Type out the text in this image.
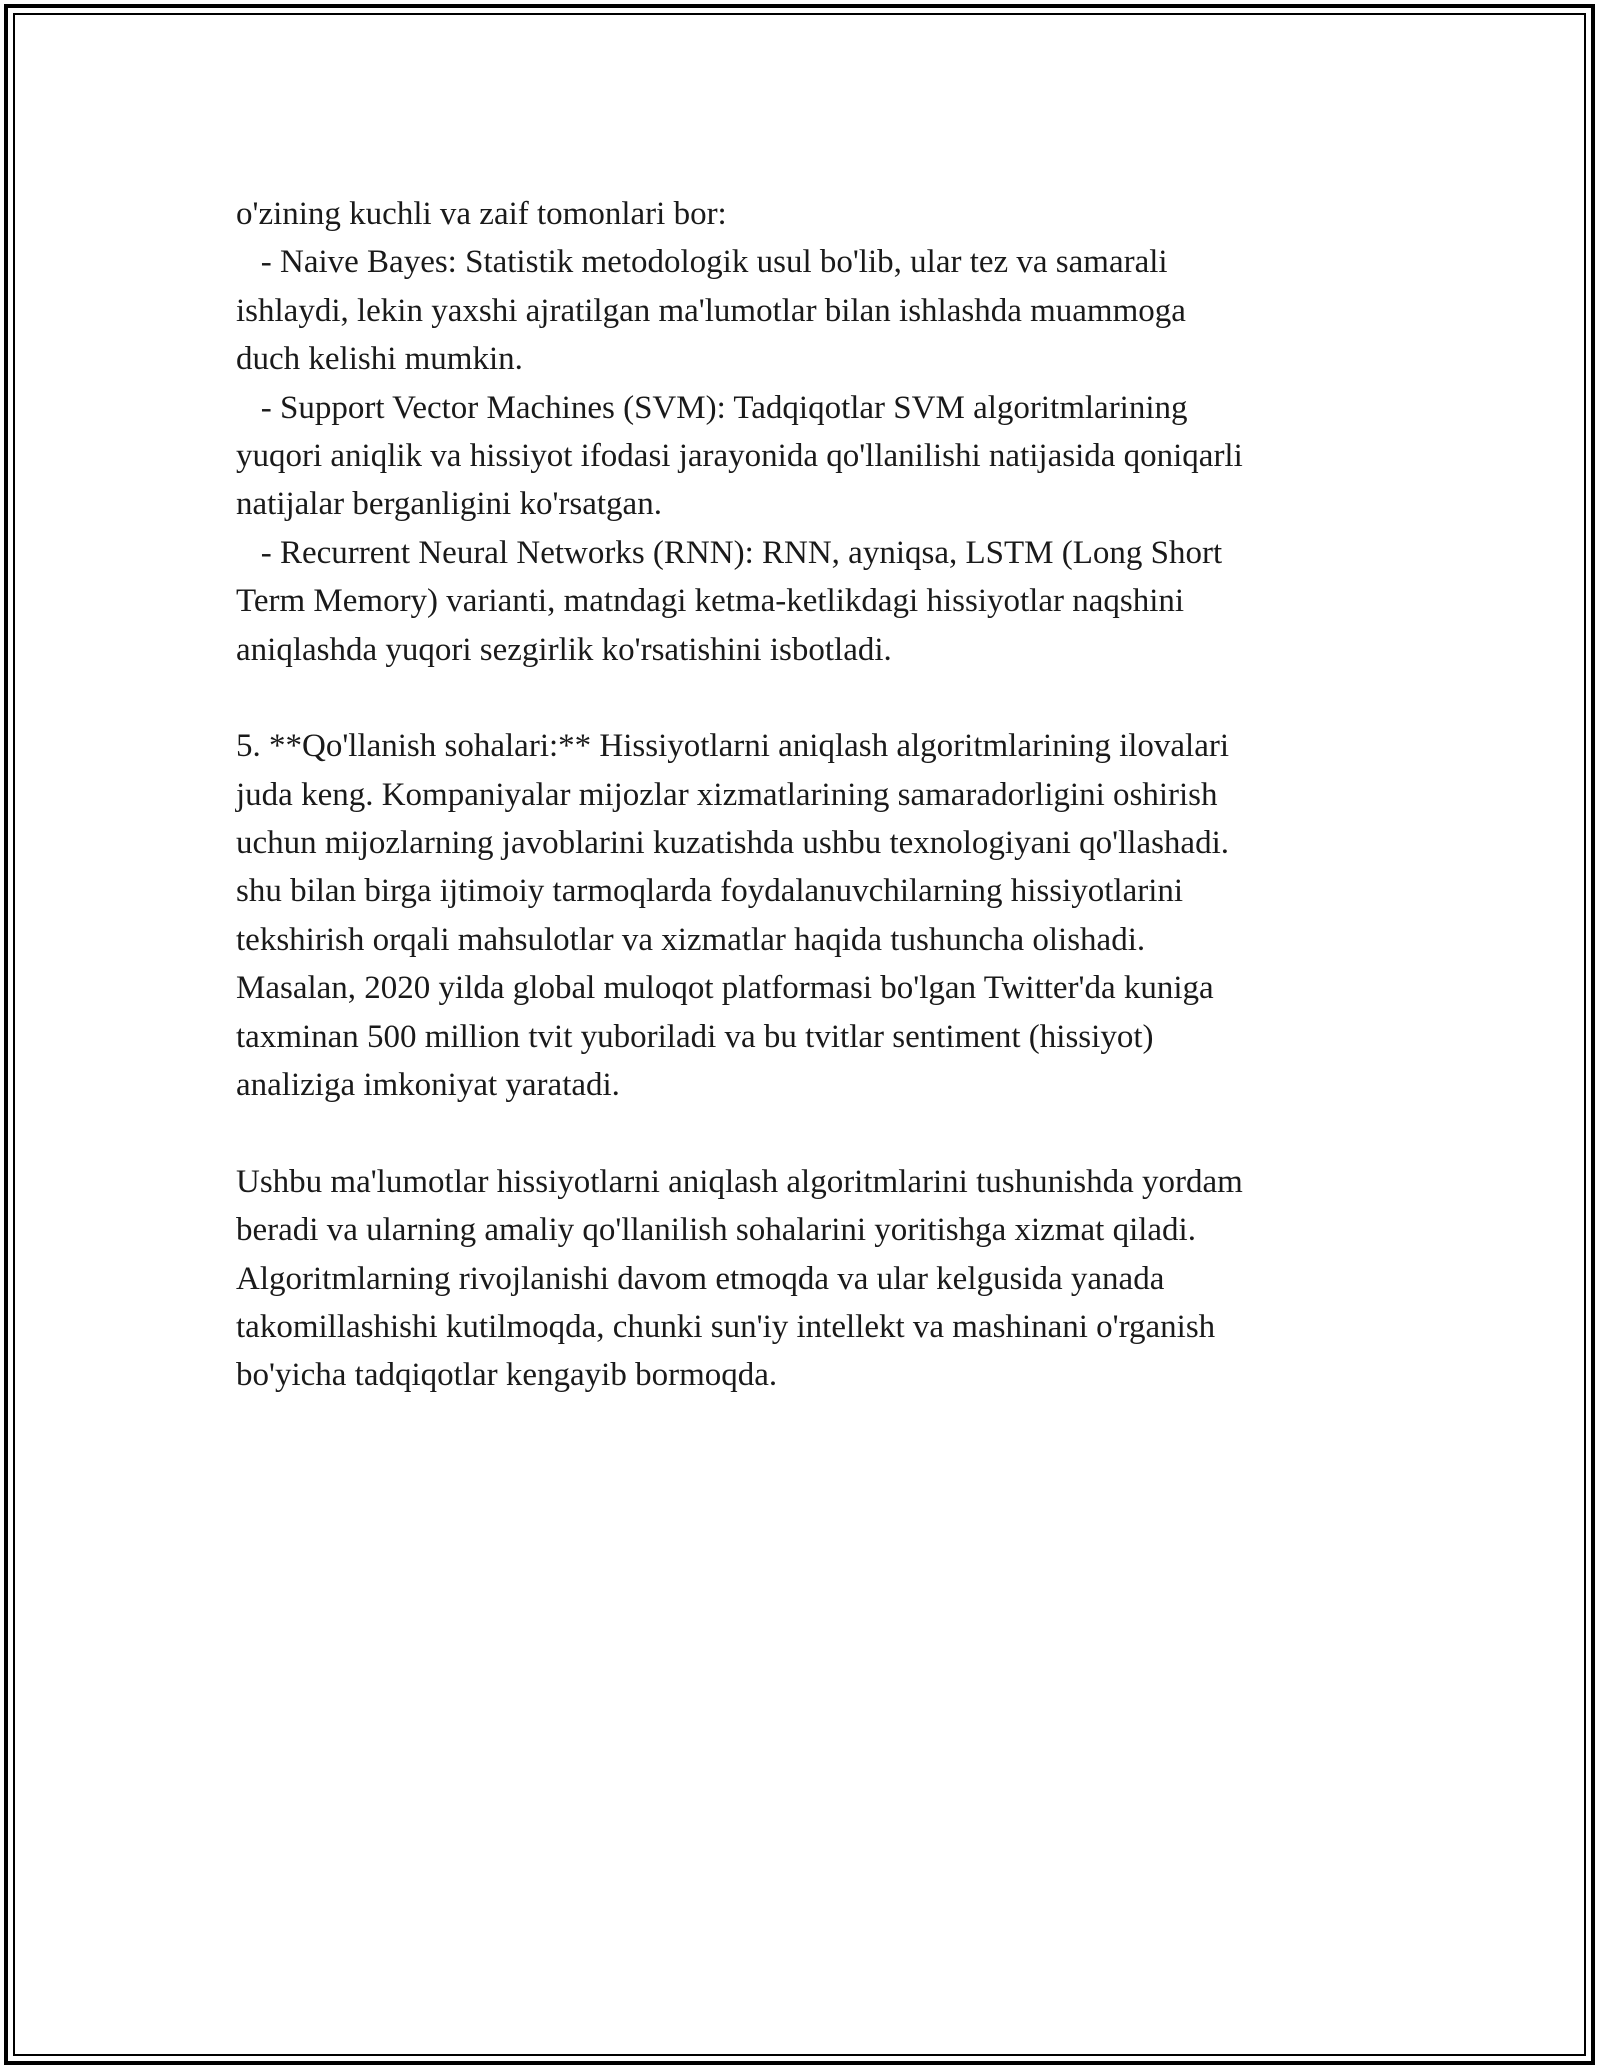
o'zining kuchli va zaif tomonlari bor:
- Naive Bayes: Statistik metodologik usul bo'lib, ular tez va samarali
ishlaydi, lekin yaxshi ajratilgan ma'lumotlar bilan ishlashda muammoga
duch kelishi mumkin.
- Support Vector Machines (SVM): Tadqiqotlar SVM algoritmlarining
yuqori aniqlik va hissiyot ifodasi jarayonida qo'llanilishi natijasida qoniqarli
natijalar berganligini ko'rsatgan.
- Recurrent Neural Networks (RNN): RNN, ayniqsa, LSTM (Long Short
Term Memory) varianti, matndagi ketma-ketlikdagi hissiyotlar naqshini
aniqlashda yuqori sezgirlik ko'rsatishini isbotladi.
5. **Qo'llanish sohalari:** Hissiyotlarni aniqlash algoritmlarining ilovalari
juda keng. Kompaniyalar mijozlar xizmatlarining samaradorligini oshirish
uchun mijozlarning javoblarini kuzatishda ushbu texnologiyani qo'llashadi.
shu bilan birga ijtimoiy tarmoqlarda foydalanuvchilarning hissiyotlarini
tekshirish orqali mahsulotlar va xizmatlar haqida tushuncha olishadi.
Masalan, 2020 yilda global muloqot platformasi bo'lgan Twitter'da kuniga
taxminan 500 million tvit yuboriladi va bu tvitlar sentiment (hissiyot)
analiziga imkoniyat yaratadi.
Ushbu ma'lumotlar hissiyotlarni aniqlash algoritmlarini tushunishda yordam
beradi va ularning amaliy qo'llanilish sohalarini yoritishga xizmat qiladi.
Algoritmlarning rivojlanishi davom etmoqda va ular kelgusida yanada
takomillashishi kutilmoqda, chunki sun'iy intellekt va mashinani o'rganish
bo'yicha tadqiqotlar kengayib bormoqda.
